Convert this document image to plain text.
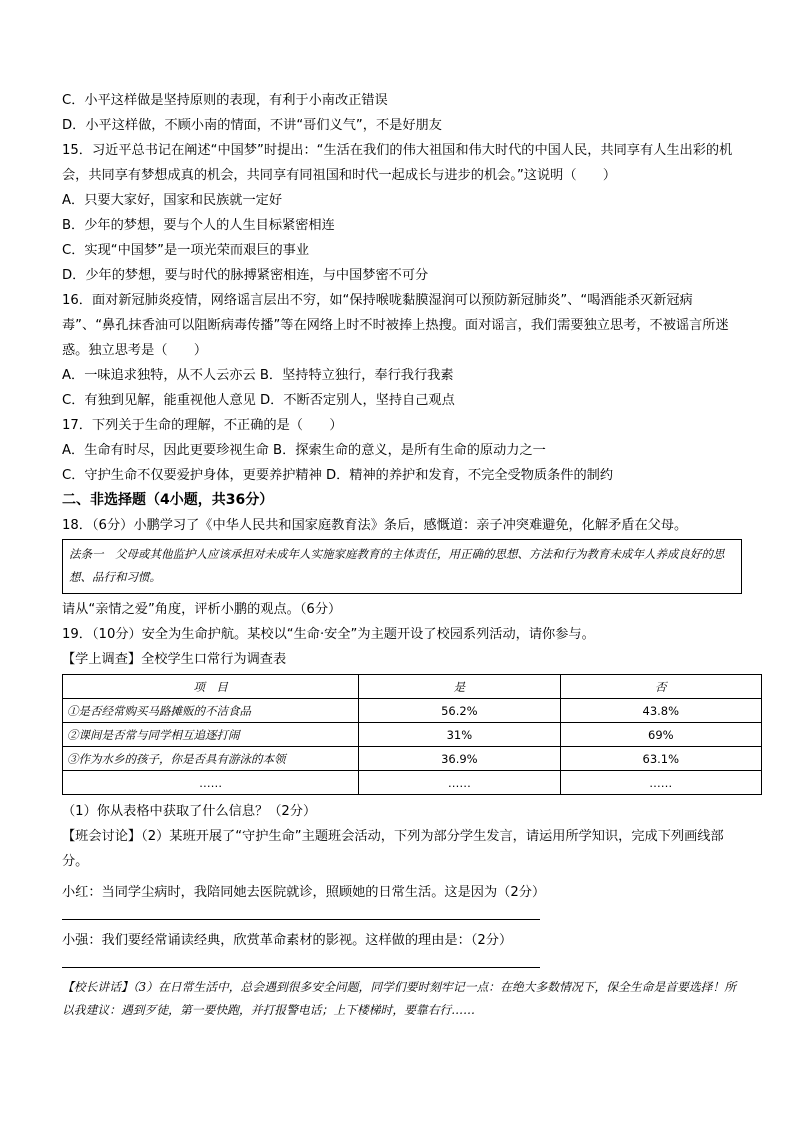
C．小平这样做是坚持原则的表现，有利于小南改正错误
D．小平这样做，不顾小南的情面，不讲“哥们义气”，不是好朋友
15．习近平总书记在阐述“中国梦”时提出：“生活在我们的伟大祖国和伟大时代的中国人民，共同享有人生出彩的机会，共同享有梦想成真的机会，共同享有同祖国和时代一起成长与进步的机会。”这说明（　　）
A．只要大家好，国家和民族就一定好
B．少年的梦想，要与个人的人生目标紧密相连
C．实现“中国梦”是一项光荣而艰巨的事业
D．少年的梦想，要与时代的脉搏紧密相连，与中国梦密不可分
16．面对新冠肺炎疫情，网络谣言层出不穷，如“保持喉咙黏膜湿润可以预防新冠肺炎”、“喝酒能杀灭新冠病毒”、“鼻孔抹香油可以阻断病毒传播”等在网络上时不时被捧上热搜。面对谣言，我们需要独立思考，不被谣言所迷惑。独立思考是（　　）
A．一味追求独特，从不人云亦云 B．坚持特立独行，奉行我行我素
C．有独到见解，能重视他人意见 D．不断否定别人，坚持自己观点
17．下列关于生命的理解，不正确的是（　　）
A．生命有时尽，因此更要珍视生命 B．探索生命的意义，是所有生命的原动力之一
C．守护生命不仅要爱护身体，更要养护精神 D．精神的养护和发育，不完全受物质条件的制约
二、非选择题（4小题，共36分）
18．（6分）小鹏学习了《中华人民共和国家庭教育法》条后，感慨道：亲子冲突难避免，化解矛盾在父母。
法条一　父母或其他监护人应该承担对未成年人实施家庭教育的主体责任，用正确的思想、方法和行为教育未成年人养成良好的思想、品行和习惯。
请从“亲情之爱”角度，评析小鹏的观点。（6分）
19．（10分）安全为生命护航。某校以“生命·安全”为主题开设了校园系列活动，请你参与。
【学上调查】全校学生口常行为调查表
项　目	是	否
①是否经常购买马路摊贩的不洁食品	56.2%	43.8%
②课间是否常与同学相互追逐打闹	31%	69%
③作为水乡的孩子，你是否具有游泳的本领	36.9%	63.1%
……	……	……
（1）你从表格中获取了什么信息？（2分）
【班会讨论】（2）某班开展了“守护生命”主题班会活动，下列为部分学生发言，请运用所学知识，完成下列画线部分。
小红：当同学尘病时，我陪同她去医院就诊，照顾她的日常生活。这是因为（2分）
小强：我们要经常诵读经典，欣赏革命素材的影视。这样做的理由是：（2分）
【校长讲话】（3）在日常生活中，总会遇到很多安全问题，同学们要时刻牢记一点：在绝大多数情况下，保全生命是首要选择！所以我建议：遇到歹徒，第一要快跑，并打报警电话；上下楼梯时，要靠右行……
